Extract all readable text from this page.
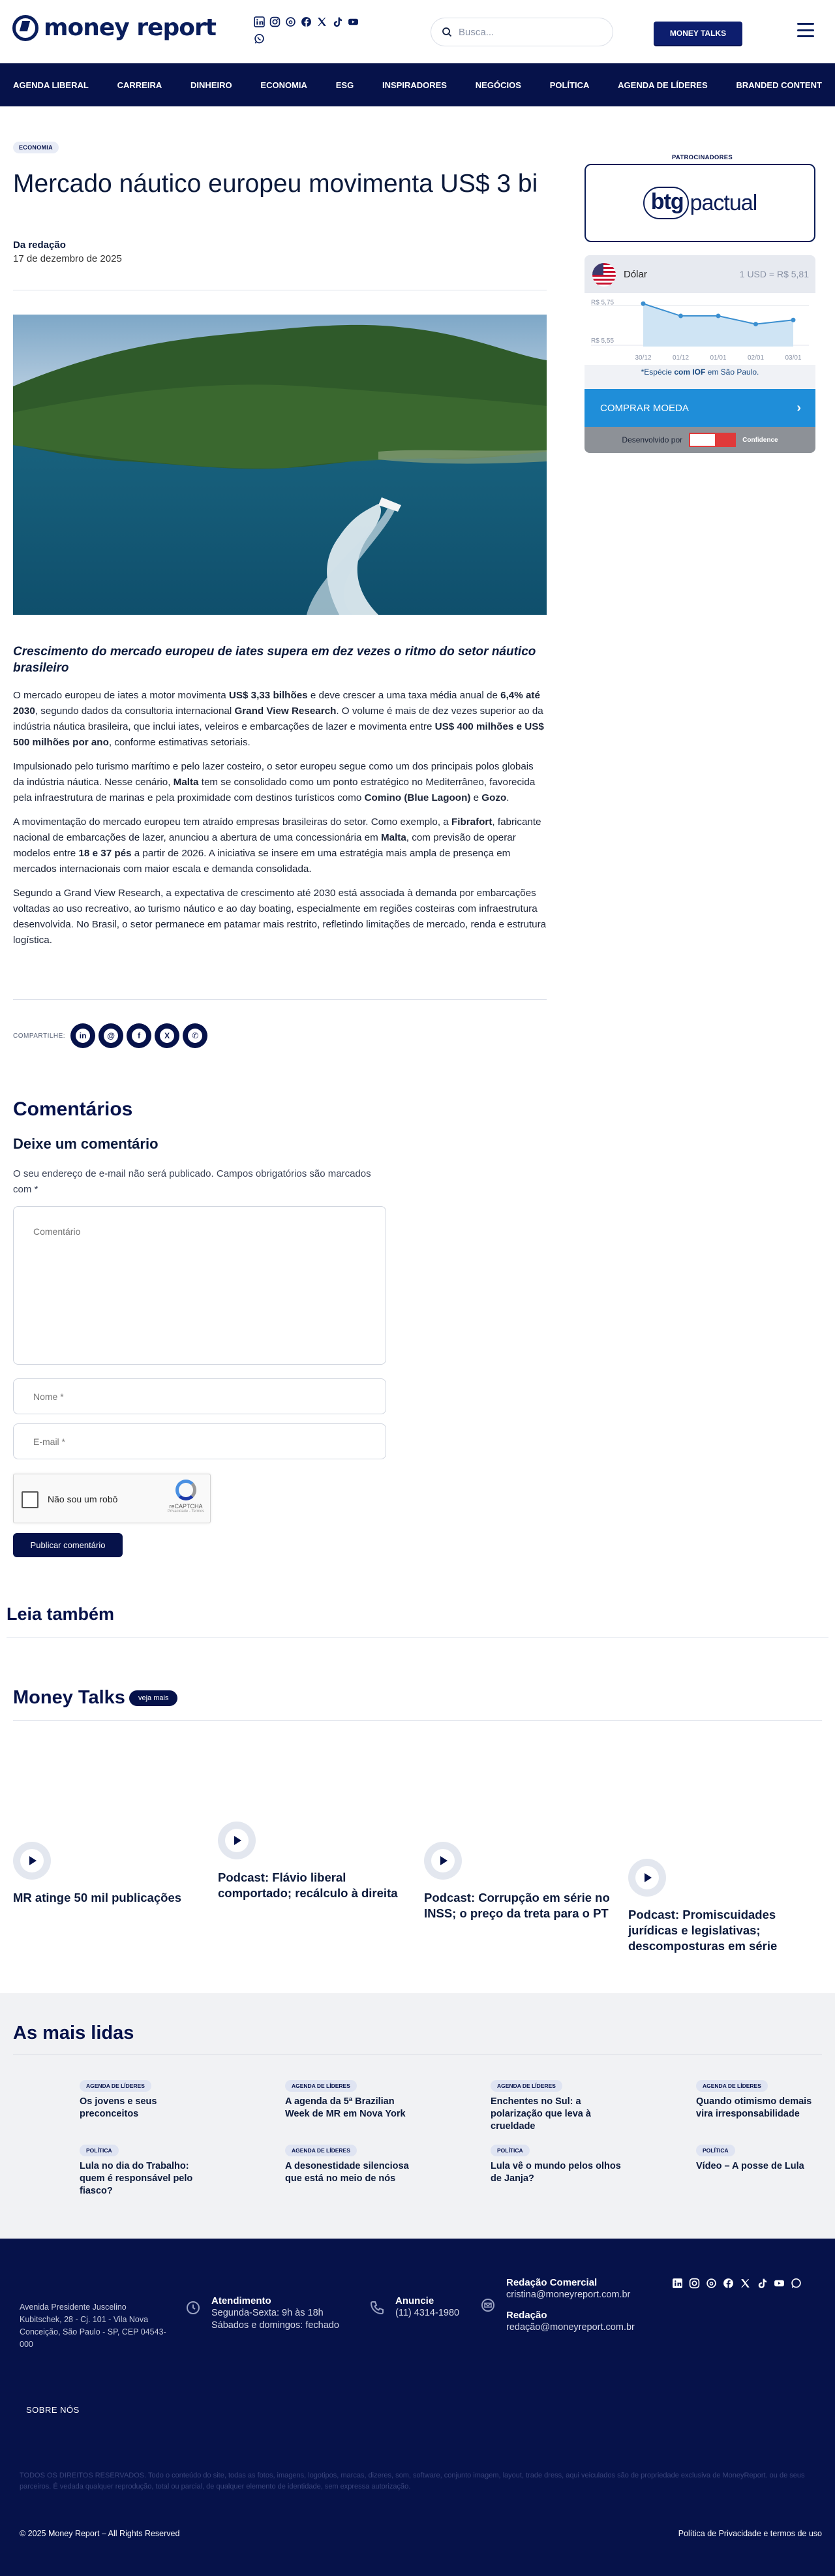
money report	Busca...	MONEY TALKS
AGENDA LIBERAL	CARREIRA	DINHEIRO	ECONOMIA	ESG	INSPIRADORES	NEGÓCIOS	POLÍTICA	AGENDA DE LÍDERES	BRANDED CONTENT
ECONOMIA
Mercado náutico europeu movimenta US$ 3 bi
Da redação
17 de dezembro de 2025
Crescimento do mercado europeu de iates supera em dez vezes o ritmo do setor náutico brasileiro

O mercado europeu de iates a motor movimenta US$ 3,33 bilhões e deve crescer a uma taxa média anual de 6,4% até 2030, segundo dados da consultoria internacional Grand View Research. O volume é mais de dez vezes superior ao da indústria náutica brasileira, que inclui iates, veleiros e embarcações de lazer e movimenta entre US$ 400 milhões e US$ 500 milhões por ano, conforme estimativas setoriais.

Impulsionado pelo turismo marítimo e pelo lazer costeiro, o setor europeu segue como um dos principais polos globais da indústria náutica. Nesse cenário, Malta tem se consolidado como um ponto estratégico no Mediterrâneo, favorecida pela infraestrutura de marinas e pela proximidade com destinos turísticos como Comino (Blue Lagoon) e Gozo.

A movimentação do mercado europeu tem atraído empresas brasileiras do setor. Como exemplo, a Fibrafort, fabricante nacional de embarcações de lazer, anunciou a abertura de uma concessionária em Malta, com previsão de operar modelos entre 18 e 37 pés a partir de 2026. A iniciativa se insere em uma estratégia mais ampla de presença em mercados internacionais com maior escala e demanda consolidada.

Segundo a Grand View Research, a expectativa de crescimento até 2030 está associada à demanda por embarcações voltadas ao uso recreativo, ao turismo náutico e ao day boating, especialmente em regiões costeiras com infraestrutura desenvolvida. No Brasil, o setor permanece em patamar mais restrito, refletindo limitações de mercado, renda e estrutura logística.

COMPARTILHE:	in	@	f	X	✆
Comentários
Deixe um comentário

O seu endereço de e-mail não será publicado. Campos obrigatórios são marcados com *

Comentário
Nome *
E-mail *
Não sou um robô
reCAPTCHA
Privacidade - Termos
Publicar comentário
Leia também
Money Talks	veja mais
MR atinge 50 mil publicações
Podcast: Flávio liberal comportado; recálculo à direita	Podcast: Corrupção em série no INSS; o preço da treta para o PT	Podcast: Promiscuidades jurídicas e legislativas; descomposturas em série
As mais lidas
AGENDA DE LÍDERES
Os jovens e seus preconceitos
AGENDA DE LÍDERES
A agenda da 5ª Brazilian Week de MR em Nova York
AGENDA DE LÍDERES
Enchentes no Sul: a polarização que leva à crueldade
AGENDA DE LÍDERES
Quando otimismo demais vira irresponsabilidade
POLÍTICA
Lula no dia do Trabalho: quem é responsável pelo fiasco?
AGENDA DE LÍDERES
A desonestidade silenciosa que está no meio de nós
POLÍTICA
Lula vê o mundo pelos olhos de Janja?
POLÍTICA
Vídeo – A posse de Lula
Avenida Presidente Juscelino Kubitschek, 28 - Cj. 101 - Vila Nova Conceição, São Paulo - SP, CEP 04543-000
Atendimento
Segunda-Sexta: 9h às 18h
Sábados e domingos: fechado
Anuncie
(11) 4314-1980
Redação Comercial
cristina@moneyreport.com.br
Redação
redação@moneyreport.com.br
SOBRE NÓS

TODOS OS DIREITOS RESERVADOS. Todo o conteúdo do site, todas as fotos, imagens, logotipos, marcas, dizeres, som, software, conjunto imagem, layout, trade dress, aqui veiculados são de propriedade exclusiva de MoneyReport. ou de seus parceiros. É vedada qualquer reprodução, total ou parcial, de qualquer elemento de identidade, sem expressa autorização.

© 2025 Money Report – All Rights Reserved	Política de Privacidade e termos de uso
PATROCINADORES
btg pactual
Dólar	1 USD = R$ 5,81
R$ 5,75
R$ 5,55
30/12	01/12	01/01	02/01	03/01
*Espécie com IOF em São Paulo.
COMPRAR MOEDA	›
Desenvolvido por	Confidence
